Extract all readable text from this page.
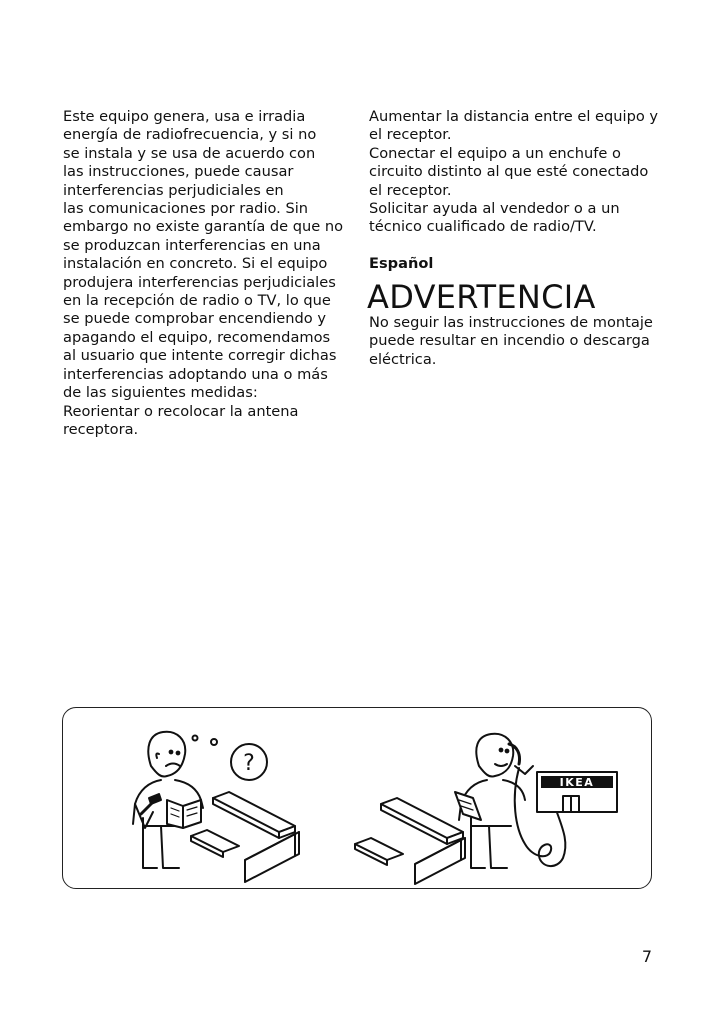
Este equipo genera, usa e irradia
energía de radiofrecuencia, y si no
se instala y se usa de acuerdo con
las instrucciones, puede causar
interferencias perjudiciales en
las comunicaciones por radio. Sin
embargo no existe garantía de que no
se produzcan interferencias en una
instalación en concreto. Si el equipo
produjera interferencias perjudiciales
en la recepción de radio o TV, lo que
se puede comprobar encendiendo y
apagando el equipo, recomendamos
al usuario que intente corregir dichas
interferencias adoptando una o más
de las siguientes medidas:
Reorientar o recolocar la antena
receptora.
Aumentar la distancia entre el equipo y
el receptor.
Conectar el equipo a un enchufe o
circuito distinto al que esté conectado
el receptor.
Solicitar ayuda al vendedor o a un
técnico cualificado de radio/TV.
Español
ADVERTENCIA
No seguir las instrucciones de montaje
puede resultar en incendio o descarga
eléctrica.
?
IKEA
7
